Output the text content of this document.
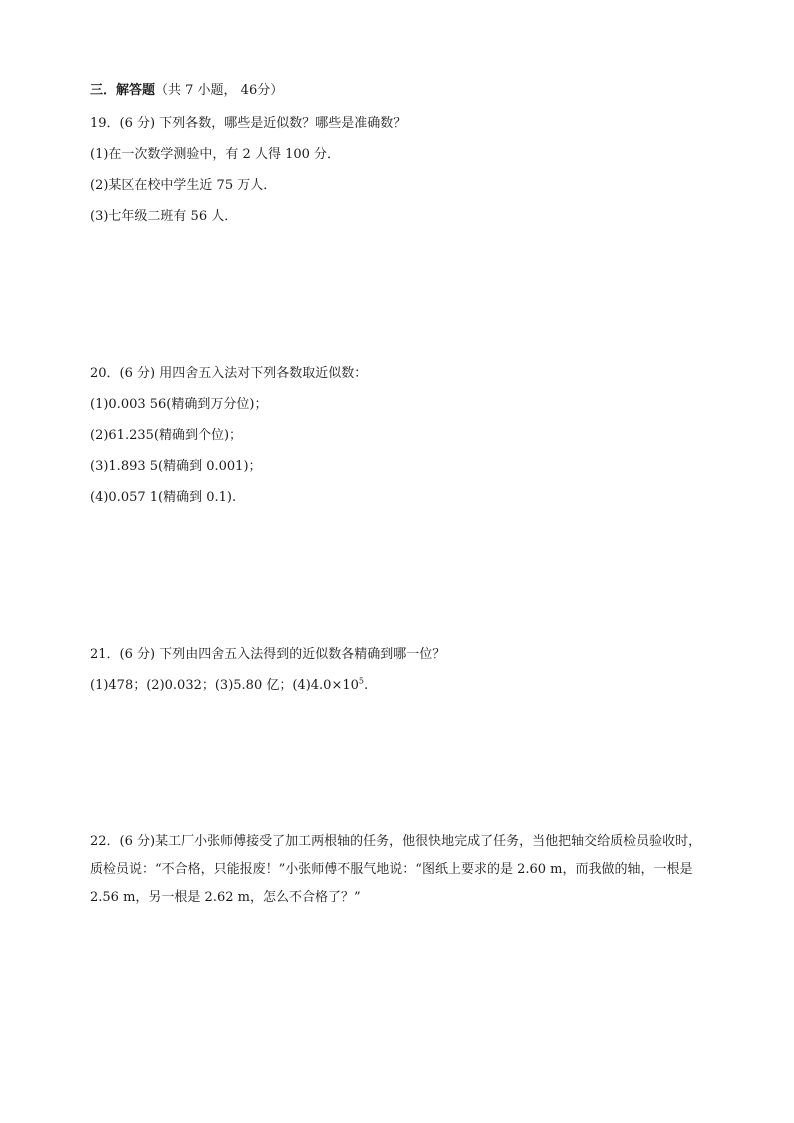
三．解答题（共 7 小题， 46分）
19．(6 分) 下列各数，哪些是近似数？哪些是准确数？
(1)在一次数学测验中，有 2 人得 100 分．
(2)某区在校中学生近 75 万人．
(3)七年级二班有 56 人．
20．(6 分) 用四舍五入法对下列各数取近似数：
(1)0.003 56(精确到万分位)；
(2)61.235(精确到个位)；
(3)1.893 5(精确到 0.001)；
(4)0.057 1(精确到 0.1).
21．(6 分) 下列由四舍五入法得到的近似数各精确到哪一位？
(1)478；(2)0.032；(3)5.80 亿；$(4)4.0\times 10^5$.
22．(6 分)某工厂小张师傅接受了加工两根轴的任务，他很快地完成了任务，当他把轴交给质检员验收时，质检员说：“不合格，只能报废！”小张师傅不服气地说：“图纸上要求的是 2.60 m，而我做的轴，一根是 2.56 m，另一根是 2.62 m，怎么不合格了？”
